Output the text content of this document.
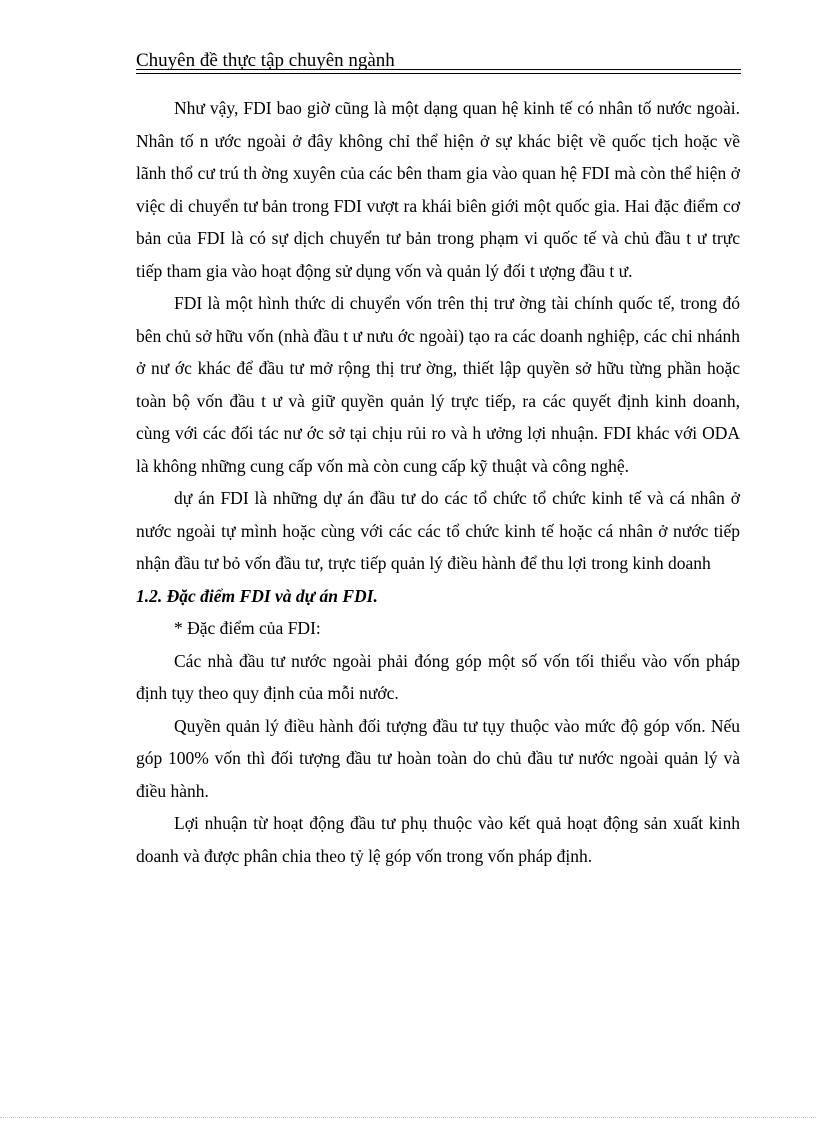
Chuyên đề thực tập chuyên ngành

Như vậy, FDI bao giờ cũng là một dạng quan hệ kinh tế có nhân tố nước ngoài. Nhân tố n ước ngoài ở đây không chỉ thể hiện ở sự khác biệt về quốc tịch hoặc về lãnh thổ cư trú th ờng xuyên của các bên tham gia vào quan hệ FDI mà còn thể hiện ở việc di chuyển tư bản trong FDI vượt ra khái biên giới một quốc gia. Hai đặc điểm cơ bản của FDI là có sự dịch chuyển tư bản trong phạm vi quốc tế và chủ đầu t ư trực tiếp tham gia vào hoạt động sử dụng vốn và quản lý đối t ượng đầu t ư.

FDI là một hình thức di chuyển vốn trên thị trư ờng tài chính quốc tế, trong đó bên chủ sở hữu vốn (nhà đầu t ư nưu ớc ngoài) tạo ra các doanh nghiệp, các chi nhánh ở nư ớc khác để đầu tư mở rộng thị trư ờng, thiết lập quyền sở hữu từng phần hoặc toàn bộ vốn đầu t ư và giữ quyền quản lý trực tiếp, ra các quyết định kinh doanh, cùng với các đối tác nư ớc sở tại chịu rủi ro và h ưởng lợi nhuận. FDI khác với ODA là không những cung cấp vốn mà còn cung cấp kỹ thuật và công nghệ.

dự án FDI là những dự án đầu tư do các tổ chức tổ chức kinh tế và cá nhân ở nước ngoài tự mình hoặc cùng với các các tổ chức kinh tế hoặc cá nhân ở nước tiếp nhận đầu tư bỏ vốn đầu tư, trực tiếp quản lý điều hành để thu lợi trong kinh doanh

1.2. Đặc điểm FDI và dự án FDI.

* Đặc điểm của FDI:

Các nhà đầu tư nước ngoài phải đóng góp một số vốn tối thiểu vào vốn pháp định tụy theo quy định của mỗi nước.

Quyền quản lý điều hành đối tượng đầu tư tụy thuộc vào mức độ góp vốn. Nếu góp 100% vốn thì đối tượng đầu tư hoàn toàn do chủ đầu tư nước ngoài quản lý và điều hành.

Lợi nhuận từ hoạt động đầu tư phụ thuộc vào kết quả hoạt động sản xuất kinh doanh và được phân chia theo tỷ lệ góp vốn trong vốn pháp định.
